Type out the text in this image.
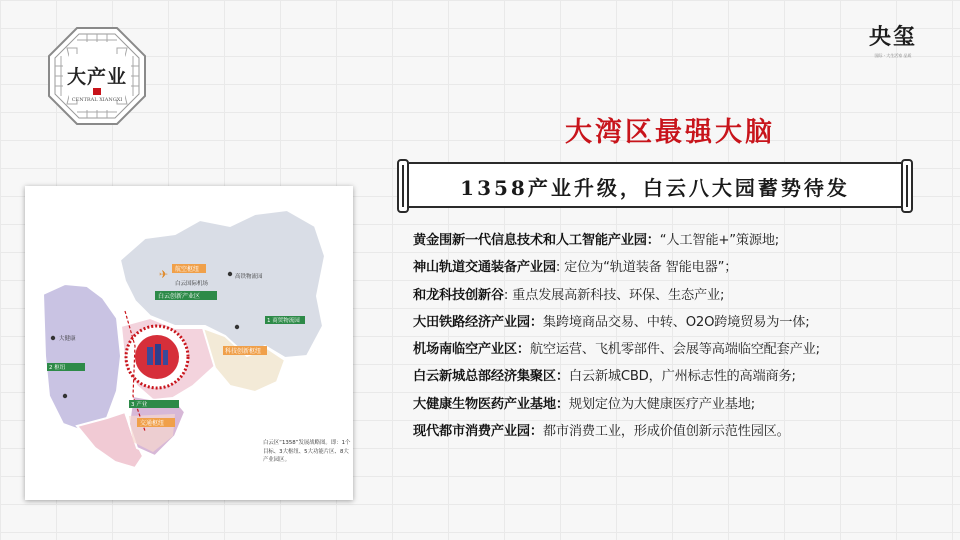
大产业
CENTRAL XIANGXI
央玺
国际 · 大生活家 品质
大湾区最强大脑
1358产业升级，白云八大园蓄势待发
黄金围新一代信息技术和人工智能产业园：“人工智能+”策源地;
神山轨道交通装备产业园: 定位为“轨道装备 智能电器”；
和龙科技创新谷: 重点发展高新科技、环保、生态产业;
大田铁路经济产业园：集跨境商品交易、中转、O2O跨境贸易为一体;
机场南临空产业区：航空运营、飞机零部件、会展等高端临空配套产业;
白云新城总部经济集聚区：白云新城CBD，广州标志性的高端商务;
大健康生物医药产业基地：规划定位为大健康医疗产业基地;
现代都市消费产业园：都市消费工业，形成价值创新示范性园区。
白云创新产业区
1 商贸物流园
2 枢纽
3 产业
航空枢纽
科技创新枢纽
交通枢纽
✈
白云国际机场
大健康
高铁物流园
白云区“1358”发展战略图。即：1个目标、3大枢纽、5大功能片区、8大产业园区。
